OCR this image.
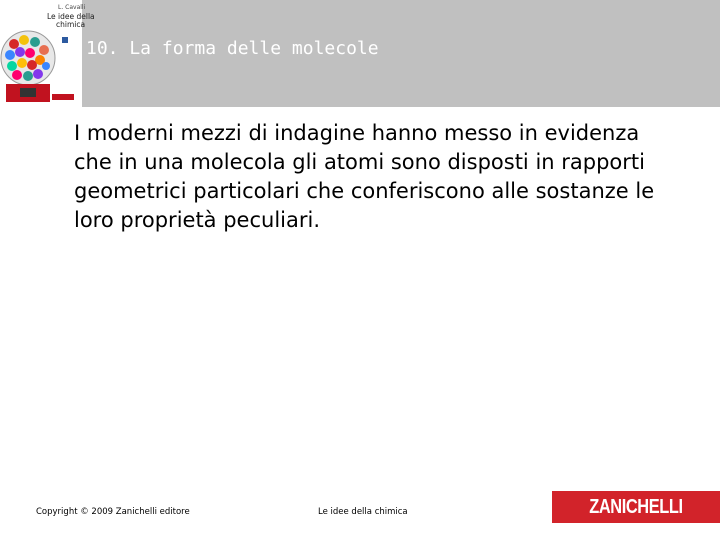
L. Cavalli
Le idee della
chimica
10. La forma delle molecole
I moderni mezzi di indagine hanno messo in evidenza che in una molecola gli atomi sono disposti in rapporti geometrici particolari che conferiscono alle sostanze le loro proprietà peculiari.
Copyright © 2009 Zanichelli editore	Le idee della chimica	ZANICHELLI
